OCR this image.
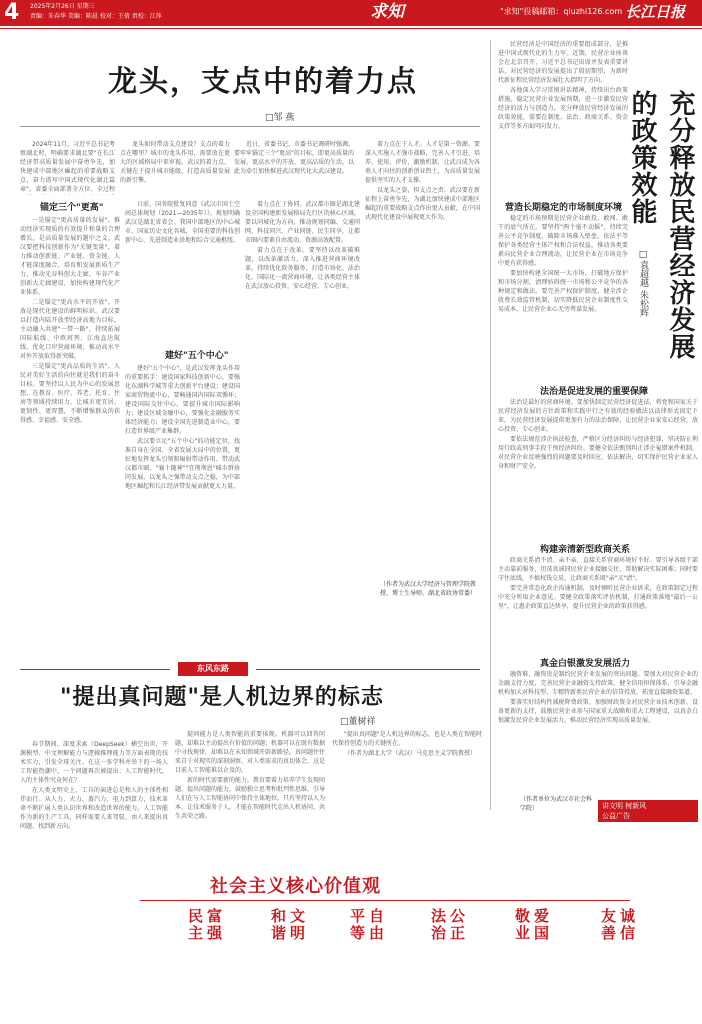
4	2025年2月26日 星期三
责编：朱春华 美编：陈晨 校对：王倩 责校：江萍	求知	"求知"投稿邮箱：qiuzhi126.com 长江日报
龙头，支点中的着力点
□邹 燕

2024年11月，习近平总书记考察湖北时，明确要求湖北要"在长江经济带高质量发展中奋勇争先，加快建成中部地区崛起的重要战略支点，奋力谱写中国式现代化湖北篇章"。省委全面部署全方位、全过程

龙头如何带动支点建设？支点的着力点在哪里？城市的龙头作用，需要放在更大的区域格局中来审视。武汉的着力点，关键在于提升城市能级，打造高质量发展的新引擎。

近日，省委书记、市委书记调研时强调，要牢牢锚定三个"更高"的目标，即更高质量的发展、更高水平的开放、更高品质的生活，以此为牵引加快推进武汉现代化大武汉建设。

锚定三个"更高"

一是锚定"更高质量的发展"。推动经济实现质的有效提升和量的合理增长，是高质量发展的题中之义。武汉要把科技创新作为"关键变量"，着力推动创新链、产业链、资金链、人才链深度融合，培育和发展新质生产力，推动光谷科创大走廊、车谷产业创新大走廊建设，加快构建现代化产业体系。

二是锚定"更高水平的开放"。开放是现代化建设的鲜明标识。武汉要以打造内陆开放型经济高地为目标，主动融入共建"一带一路"，持续拓展国际航线、中欧班列、江海直达航线，优化口岸营商环境，推动高水平对外开放取得新突破。

三是锚定"更高品质的生活"。人民对美好生活的向往就是我们的奋斗目标。要坚持以人民为中心的发展思想，在教育、医疗、养老、托育、住房等领域持续用力，让城市更宜居、更韧性、更智慧，不断增强群众的获得感、幸福感、安全感。

建好"五个中心"

日前，国务院批复同意《武汉市国土空间总体规划（2021—2035年）》。规划明确武汉是湖北省省会、我国中部地区的中心城市，国家历史文化名城，全国重要的科技创新中心、先进制造业基地和综合交通枢纽。

建好"五个中心"，是武汉发挥龙头作用的重要抓手：建设国家科技创新中心，要强化东湖科学城等重大创新平台建设；建设国家商贸物流中心，要畅通国内国际双循环；建设国际交往中心，要提升城市国际影响力；建设区域金融中心，要强化金融服务实体经济能力；建设全国先进制造业中心，要打造世界级产业集群。

武汉要立足"五个中心"的功能定位，找准自身在全国、全省发展大局中的位置，更好地发挥龙头引领和辐射带动作用，带动武汉都市圈、"襄十随神""宜荆荆恩"城市群协同发展，以龙头之强带动支点之稳，为中部地区崛起和长江经济带发展贡献更大力量。

着力点在于协同。武汉都市圈是湖北建设全国构建新发展格局先行区的核心区域。要以同城化为方向，推动规划同编、交通同网、科技同兴、产业同链、民生同享，让都市圈内要素自由流动、资源高效配置。

着力点在于改革。要坚持以改革破难题、以改革激活力，深入推进营商环境改革，持续优化政务服务，打造市场化、法治化、国际化一流营商环境，让各类经营主体在武汉放心投资、安心经营、专心创业。

着力点在于人才。人才是第一资源。要深入实施人才强市战略，完善人才引进、培养、使用、评价、激励机制，让武汉成为各类人才向往的创新创业热土，为高质量发展提供坚实的人才支撑。

以龙头之姿，担支点之责。武汉要在新征程上奋勇争先，为湖北加快建成中部地区崛起的重要战略支点作出更大贡献，在中国式现代化建设中展现更大作为。

（作者为武汉大学经济与管理学院教授、博士生导师，湖北省政协常委）
东风东路
"提出真问题"是人机边界的标志
□董树祥

春节期间，深度求索（DeepSeek）横空出世，开源模型、中文理解能力与逻辑推理能力等方面表现的技术实力，引发全球关注。在这一多学科并举下的一场人工智能热潮中，一个问题再次被提出：人工智能时代，人的主体性究竟何在？

在人类文明史上，工具的演进总是和人的主体性相伴而行。从人力、火力、蒸汽力、电力到算力，技术革命不断扩展人类认识世界和改造世界的能力。人工智能作为新的生产工具，同样需要人来驾驭，由人来提出真问题、找到新方向。

提问能力是人类智能的重要体现。机器可以回答问题，却难以主动提出有价值的问题；机器可以在既有数据中寻找规律，却难以在未知领域开辟新路径。真问题往往来自于对现实的深刻洞察、对人类需求的真切体会，这是目前人工智能难以企及的。

新的时代需要新的能力。教育要着力培养学生发现问题、提出问题的能力，鼓励独立思考和批判性思维，引导人们在与人工智能协同中保持主体地位。只有坚持以人为本、让技术服务于人，才能在智能时代走出人机协同、共生共荣之路。

"提出真问题"是人机边界的标志，也是人类在智能时代保持创造力的关键所在。

（作者为湖北大学（武汉）马克思主义学院教授）

充分释放民营经济发展的政策效能
□袁超越 朱松辉

民营经济是中国经济的重要组成部分，是推进中国式现代化的生力军。近期，民营企业座谈会在北京召开，习近平总书记出席并发表重要讲话，对民营经济的发展提出了殷切期望，为新时代新征程民营经济发展壮大指明了方向。

各地深入学习贯彻讲话精神，持续出台政策措施，稳定民营企业发展预期，进一步激发民营经济的活力与创造力。充分释放民营经济发展的政策效能，需要在制度、法治、政商关系、资金支持等多方面同向发力。

营造长期稳定的市场制度环境

稳定的市场预期是民营企业敢投、敢闯、敢干的底气所在。要坚持"两个毫不动摇"，持续完善公平竞争制度，破除市场准入壁垒，依法平等保护各类经营主体产权和合法权益，推动各类要素向民营企业合理流动，让民营企业在市场竞争中更有获得感。

要加快构建全国统一大市场，打破地方保护和市场分割，清理妨碍统一市场和公平竞争的各种规定和做法。要完善产权保护制度，健全涉企收费长效监管机制，切实降低民营企业制度性交易成本，让民营企业心无旁骛谋发展。

法治是促进发展的重要保障

法治是最好的营商环境。要加快制定民营经济促进法，将党和国家关于民营经济发展的方针政策和实践中行之有效的经验做法以法律形式固定下来，为民营经济发展提供更加有力的法治保障，让民营企业家安心经营、放心投资、专心创业。

要依法规范涉企执法检查，严格区分经济纠纷与经济犯罪，坚决防止利用行政或刑事手段干预经济纠纷。要健全依法甄别纠正涉企冤错案件机制，对民营企业反映强烈的问题要及时回应、依法解决，切实保护民营企业家人身和财产安全。

构建亲清新型政商关系

政商关系清不清、亲不亲，直接关系营商环境好不好。要引导各级干部主动靠前服务，坦荡真诚同民营企业接触交往，帮助解决实际困难；同时要守住底线，不搞权钱交易，让政商关系既"亲"又"清"。

要完善常态化政企沟通机制，及时倾听民营企业诉求，在政策制定过程中充分听取企业意见。要健全政策落实评估机制，打通政策落地"最后一公里"，让惠企政策直达快享，提升民营企业的政策获得感。

真金白银激发发展活力

融资难、融资贵是制约民营企业发展的突出问题。要加大对民营企业的金融支持力度，完善民营企业融资支持政策，健全信用担保体系，引导金融机构加大对科技型、专精特新类民营企业的信贷投放，拓宽直接融资渠道。

要落实好结构性减税降费政策，加强财政资金对民营企业技术创新、设备更新的支持，鼓励民营企业参与国家重大战略和重大工程建设，以真金白银激发民营企业发展活力，推动民营经济实现高质量发展。

（作者单位为武汉市社会科学院）	讲文明 树新风
公益广告
社会主义核心价值观
富强
民主	文明
和谐	自由
平等	公正
法治	爱国
敬业	诚信
友善
